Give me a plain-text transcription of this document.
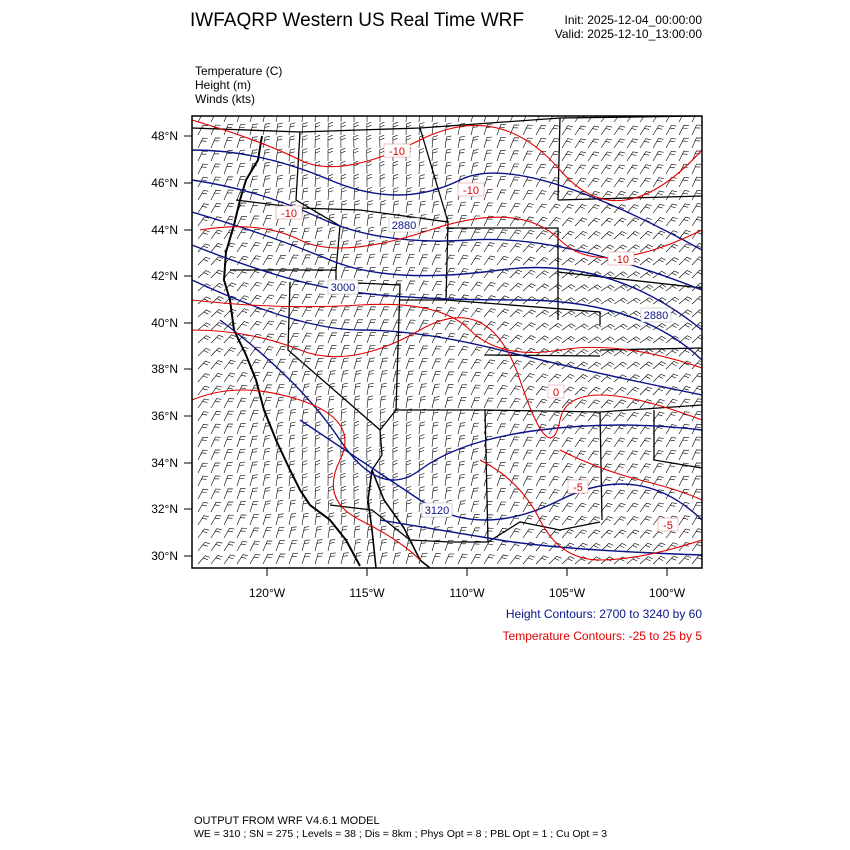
IWFAQRP Western US Real Time WRF	Init: 2025-12-04_00:00:00
Valid: 2025-12-10_13:00:00
Temperature (C)
Height (m)
Winds (kts)
48°N
46°N
44°N
42°N
40°N
38°N
36°N
34°N
32°N
30°N
120°W	115°W	110°W	105°W	100°W
2880
3000
2880
3120
-10
-10
-10
-10
-5
-5
0
Height Contours: 2700 to 3240 by 60
Temperature Contours: -25 to 25 by 5
OUTPUT FROM WRF V4.6.1 MODEL
WE = 310 ; SN = 275 ; Levels = 38 ; Dis = 8km ; Phys Opt = 8 ; PBL Opt = 1 ; Cu Opt = 3
